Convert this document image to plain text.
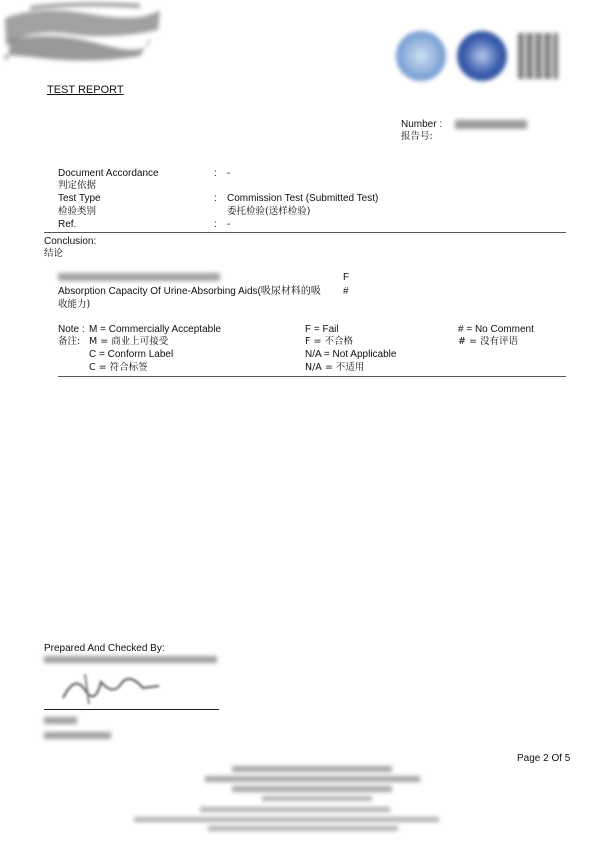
TEST REPORT
Number :
报告号:
Document Accordance
判定依据
: -
Test Type
检验类别
: Commission Test (Submitted Test)
委托检验(送样检验)
Ref.	: -
Conclusion:
结论
Absorption Capacity Of Urine-Absorbing Aids(吸尿材料的吸
收能力)
F
#
Note : M = Commercially Acceptable
备注: M = 商业上可接受
C = Conform Label
C = 符合标签
F = Fail
F = 不合格
N/A = Not Applicable
N/A = 不适用
# = No Comment
# = 没有评语
Prepared And Checked By:
Page 2 Of 5
